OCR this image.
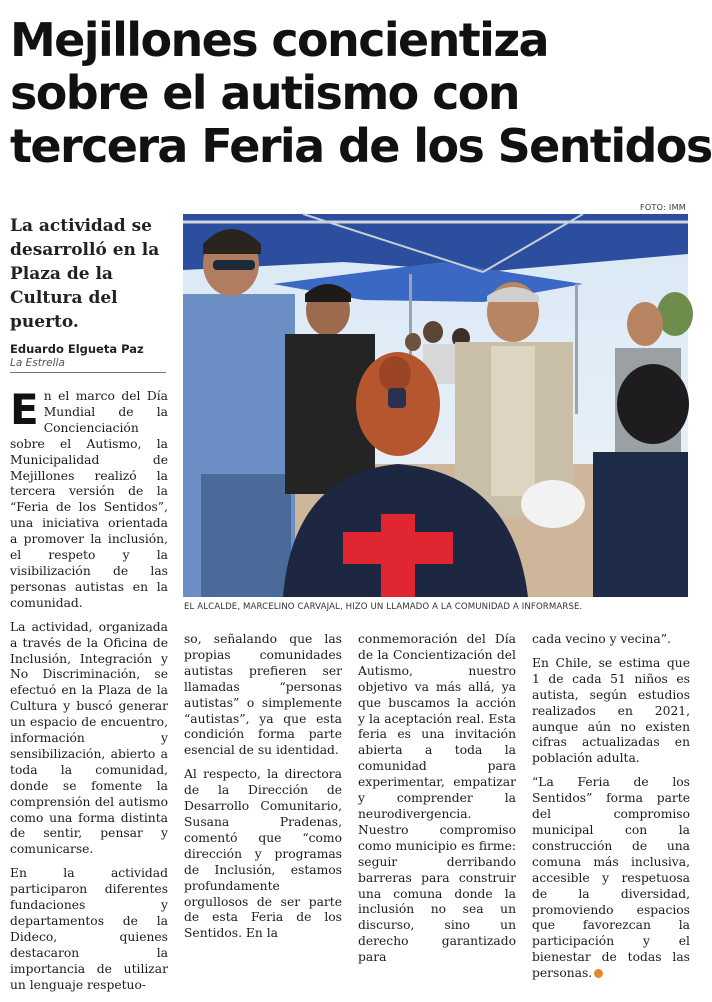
Mejillones concientiza
sobre el autismo con
tercera Feria de los Sentidos
La actividad se desarrolló en la Plaza de la Cultura del puerto.
Eduardo Elgueta Paz
La Estrella
FOTO: IMM
EL ALCALDE, MARCELINO CARVAJAL, HIZO UN LLAMADO A LA COMUNIDAD A INFORMARSE.

En el marco del Día Mundial de la Concienciación sobre el Autismo, la Municipalidad de Mejillones realizó la tercera versión de la “Feria de los Sentidos”, una iniciativa orientada a promover la inclusión, el respeto y la visibilización de las personas autistas en la comunidad.

La actividad, organizada a través de la Oficina de Inclusión, Integración y No Discriminación, se efectuó en la Plaza de la Cultura y buscó generar un espacio de encuentro, información y sensibilización, abierto a toda la comunidad, donde se fomente la comprensión del autismo como una forma distinta de sentir, pensar y comunicarse.

En la actividad participaron diferentes fundaciones y departamentos de la Dideco, quienes destacaron la importancia de utilizar un lenguaje respetuo-

so, señalando que las propias comunidades autistas prefieren ser llamadas “personas autistas” o simplemente “autistas”, ya que esta condición forma parte esencial de su identidad.

Al respecto, la directora de la Dirección de Desarrollo Comunitario, Susana Pradenas, comentó que “como dirección y programas de Inclusión, estamos profundamente orgullosos de ser parte de esta Feria de los Sentidos. En la

conmemoración del Día de la Concientización del Autismo, nuestro objetivo va más allá, ya que buscamos la acción y la aceptación real. Esta feria es una invitación abierta a toda la comunidad para experimentar, empatizar y comprender la neurodivergencia. Nuestro compromiso como municipio es firme: seguir derribando barreras para construir una comuna donde la inclusión no sea un discurso, sino un derecho garantizado para

cada vecino y vecina”.

En Chile, se estima que 1 de cada 51 niños es autista, según estudios realizados en 2021, aunque aún no existen cifras actualizadas en población adulta.

“La Feria de los Sentidos” forma parte del compromiso municipal con la construcción de una comuna más inclusiva, accesible y respetuosa de la diversidad, promoviendo espacios que favorezcan la participación y el bienestar de todas las personas.
